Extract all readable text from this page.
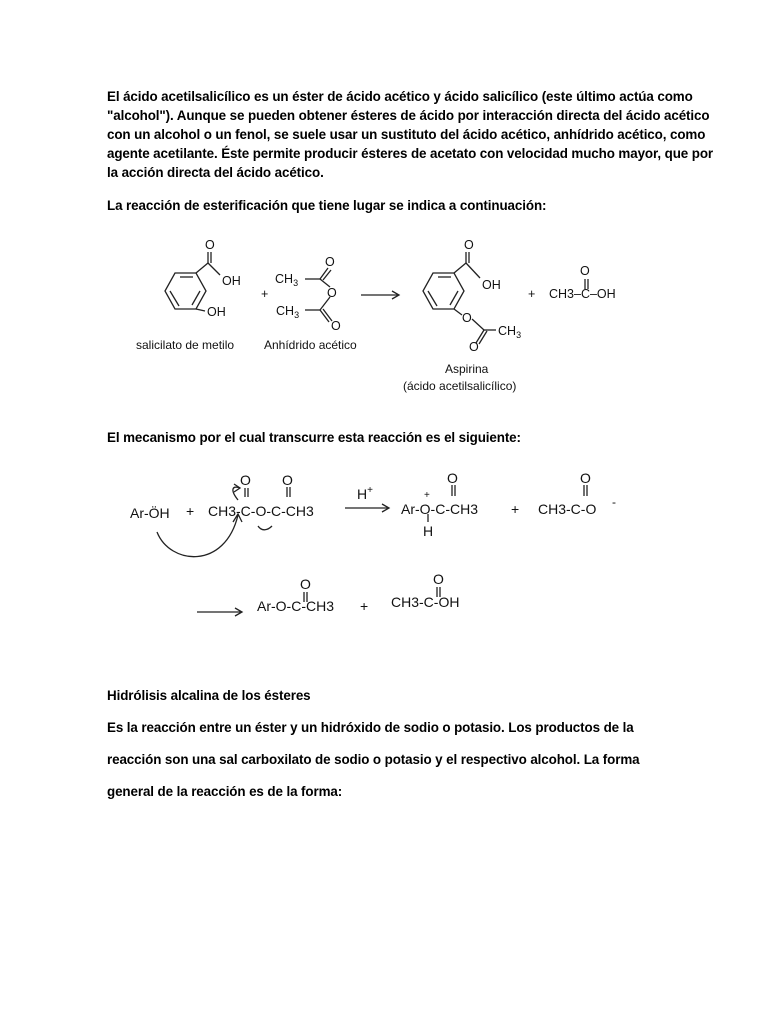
El ácido acetilsalicílico es un éster de ácido acético y ácido salicílico (este último actúa como
"alcohol"). Aunque se pueden obtener ésteres de ácido por interacción directa del ácido acético
con un alcohol o un fenol, se suele usar un sustituto del ácido acético, anhídrido acético, como
agente acetilante. Éste permite producir ésteres de acetato con velocidad mucho mayor, que por
la acción directa del ácido acético.
La reacción de esterificación que tiene lugar se indica a continuación:
O
OH
OH
+
$CH_3$
O
O
$CH_3$
O
O
OH
O
$CH_3$
O
+
O
CH3–C–OH
salicilato de metilo Anhídrido acético
Aspirina
(ácido acetilsalicílico)
El mecanismo por el cual transcurre esta reacción es el siguiente:
Ar-ÖH + CH3-C-O-C-CH3
O O
H+	+
O
Ar-O-C-CH3
H
+
O
CH3-C-O -
O
Ar-O-C-CH3 +
O
CH3-C-OH
Hidrólisis alcalina de los ésteres
Es la reacción entre un éster y un hidróxido de sodio o potasio. Los productos de la
reacción son una sal carboxilato de sodio o potasio y el respectivo alcohol. La forma
general de la reacción es de la forma:
